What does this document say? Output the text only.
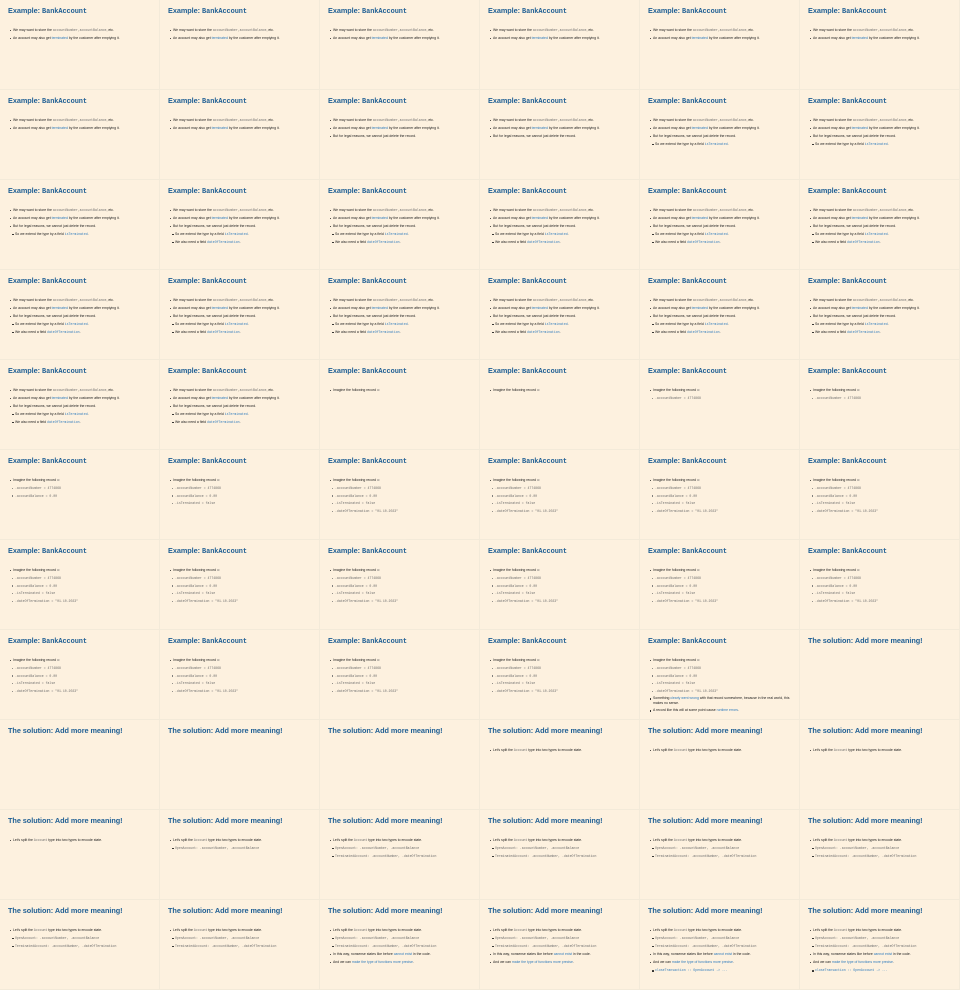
Example: BankAccount
We may want to store the accountNumber, accountBalance, etc.
An account may also get terminated by the customer after emptying it.
Example: BankAccount
We may want to store the accountNumber, accountBalance, etc.
An account may also get terminated by the customer after emptying it.
Example: BankAccount
We may want to store the accountNumber, accountBalance, etc.
An account may also get terminated by the customer after emptying it.
Example: BankAccount
We may want to store the accountNumber, accountBalance, etc.
An account may also get terminated by the customer after emptying it.
Example: BankAccount
We may want to store the accountNumber, accountBalance, etc.
An account may also get terminated by the customer after emptying it.
Example: BankAccount
We may want to store the accountNumber, accountBalance, etc.
An account may also get terminated by the customer after emptying it.
Example: BankAccount
We may want to store the accountNumber, accountBalance, etc.
An account may also get terminated by the customer after emptying it.
Example: BankAccount
We may want to store the accountNumber, accountBalance, etc.
An account may also get terminated by the customer after emptying it.
Example: BankAccount
We may want to store the accountNumber, accountBalance, etc.
An account may also get terminated by the customer after emptying it.
But for legal reasons, we cannot just delete the record.
Example: BankAccount
We may want to store the accountNumber, accountBalance, etc.
An account may also get terminated by the customer after emptying it.
But for legal reasons, we cannot just delete the record.
Example: BankAccount
We may want to store the accountNumber, accountBalance, etc.
An account may also get terminated by the customer after emptying it.
But for legal reasons, we cannot just delete the record.
So we extend the type by a field isTerminated.
Example: BankAccount
We may want to store the accountNumber, accountBalance, etc.
An account may also get terminated by the customer after emptying it.
But for legal reasons, we cannot just delete the record.
So we extend the type by a field isTerminated.
Example: BankAccount
We may want to store the accountNumber, accountBalance, etc.
An account may also get terminated by the customer after emptying it.
But for legal reasons, we cannot just delete the record.
So we extend the type by a field isTerminated.
Example: BankAccount
We may want to store the accountNumber, accountBalance, etc.
An account may also get terminated by the customer after emptying it.
But for legal reasons, we cannot just delete the record.
So we extend the type by a field isTerminated.
We also need a field dateOfTermination.
Example: BankAccount
We may want to store the accountNumber, accountBalance, etc.
An account may also get terminated by the customer after emptying it.
But for legal reasons, we cannot just delete the record.
So we extend the type by a field isTerminated.
We also need a field dateOfTermination.
Example: BankAccount
We may want to store the accountNumber, accountBalance, etc.
An account may also get terminated by the customer after emptying it.
But for legal reasons, we cannot just delete the record.
So we extend the type by a field isTerminated.
We also need a field dateOfTermination.
Example: BankAccount
We may want to store the accountNumber, accountBalance, etc.
An account may also get terminated by the customer after emptying it.
But for legal reasons, we cannot just delete the record.
So we extend the type by a field isTerminated.
We also need a field dateOfTermination.
Example: BankAccount
We may want to store the accountNumber, accountBalance, etc.
An account may also get terminated by the customer after emptying it.
But for legal reasons, we cannot just delete the record.
So we extend the type by a field isTerminated.
We also need a field dateOfTermination.
Example: BankAccount
We may want to store the accountNumber, accountBalance, etc.
An account may also get terminated by the customer after emptying it.
But for legal reasons, we cannot just delete the record.
So we extend the type by a field isTerminated.
We also need a field dateOfTermination.
Example: BankAccount
We may want to store the accountNumber, accountBalance, etc.
An account may also get terminated by the customer after emptying it.
But for legal reasons, we cannot just delete the record.
So we extend the type by a field isTerminated.
We also need a field dateOfTermination.
Example: BankAccount
We may want to store the accountNumber, accountBalance, etc.
An account may also get terminated by the customer after emptying it.
But for legal reasons, we cannot just delete the record.
So we extend the type by a field isTerminated.
We also need a field dateOfTermination.
Example: BankAccount
We may want to store the accountNumber, accountBalance, etc.
An account may also get terminated by the customer after emptying it.
But for legal reasons, we cannot just delete the record.
So we extend the type by a field isTerminated.
We also need a field dateOfTermination.
Example: BankAccount
We may want to store the accountNumber, accountBalance, etc.
An account may also get terminated by the customer after emptying it.
But for legal reasons, we cannot just delete the record.
So we extend the type by a field isTerminated.
We also need a field dateOfTermination.
Example: BankAccount
We may want to store the accountNumber, accountBalance, etc.
An account may also get terminated by the customer after emptying it.
But for legal reasons, we cannot just delete the record.
So we extend the type by a field isTerminated.
We also need a field dateOfTermination.
Example: BankAccount
We may want to store the accountNumber, accountBalance, etc.
An account may also get terminated by the customer after emptying it.
But for legal reasons, we cannot just delete the record.
So we extend the type by a field isTerminated.
We also need a field dateOfTermination.
Example: BankAccount
We may want to store the accountNumber, accountBalance, etc.
An account may also get terminated by the customer after emptying it.
But for legal reasons, we cannot just delete the record.
So we extend the type by a field isTerminated.
We also need a field dateOfTermination.
Example: BankAccount
Imagine the following record a:
Example: BankAccount
Imagine the following record a:
Example: BankAccount
Imagine the following record a:
.accountNumber = 4774868
Example: BankAccount
Imagine the following record a:
.accountNumber = 4774868
Example: BankAccount
Imagine the following record a:
.accountNumber = 4774868
.accountBalance = 0.00
Example: BankAccount
Imagine the following record a:
.accountNumber = 4774868
.accountBalance = 0.00
.isTerminated = false
Example: BankAccount
Imagine the following record a:
.accountNumber = 4774868
.accountBalance = 0.00
.isTerminated = false
.dateOfTermination = "01.10.2023"
Example: BankAccount
Imagine the following record a:
.accountNumber = 4774868
.accountBalance = 0.00
.isTerminated = false
.dateOfTermination = "01.10.2023"
Example: BankAccount
Imagine the following record a:
.accountNumber = 4774868
.accountBalance = 0.00
.isTerminated = false
.dateOfTermination = "01.10.2023"
Example: BankAccount
Imagine the following record a:
.accountNumber = 4774868
.accountBalance = 0.00
.isTerminated = false
.dateOfTermination = "01.10.2023"
Example: BankAccount
Imagine the following record a:
.accountNumber = 4774868
.accountBalance = 0.00
.isTerminated = false
.dateOfTermination = "01.10.2023"
Example: BankAccount
Imagine the following record a:
.accountNumber = 4774868
.accountBalance = 0.00
.isTerminated = false
.dateOfTermination = "01.10.2023"
Example: BankAccount
Imagine the following record a:
.accountNumber = 4774868
.accountBalance = 0.00
.isTerminated = false
.dateOfTermination = "01.10.2023"
Example: BankAccount
Imagine the following record a:
.accountNumber = 4774868
.accountBalance = 0.00
.isTerminated = false
.dateOfTermination = "01.10.2023"
Example: BankAccount
Imagine the following record a:
.accountNumber = 4774868
.accountBalance = 0.00
.isTerminated = false
.dateOfTermination = "01.10.2023"
Example: BankAccount
Imagine the following record a:
.accountNumber = 4774868
.accountBalance = 0.00
.isTerminated = false
.dateOfTermination = "01.10.2023"
Example: BankAccount
Imagine the following record a:
.accountNumber = 4774868
.accountBalance = 0.00
.isTerminated = false
.dateOfTermination = "01.10.2023"
Example: BankAccount
Imagine the following record a:
.accountNumber = 4774868
.accountBalance = 0.00
.isTerminated = false
.dateOfTermination = "01.10.2023"
Example: BankAccount
Imagine the following record a:
.accountNumber = 4774868
.accountBalance = 0.00
.isTerminated = false
.dateOfTermination = "01.10.2023"
Example: BankAccount
Imagine the following record a:
.accountNumber = 4774868
.accountBalance = 0.00
.isTerminated = false
.dateOfTermination = "01.10.2023"
Example: BankAccount
Imagine the following record a:
.accountNumber = 4774868
.accountBalance = 0.00
.isTerminated = false
.dateOfTermination = "01.10.2023"
Something clearly went wrong with that record somewhere, because in the real world, this makes no sense.
A record like this will at some point cause runtime errors.
The solution: Add more meaning!
The solution: Add more meaning!	The solution: Add more meaning!	The solution: Add more meaning!	The solution: Add more meaning!
Let's split the Account type into two types to encode state.
The solution: Add more meaning!
Let's split the Account type into two types to encode state.
The solution: Add more meaning!
Let's split the Account type into two types to encode state.
The solution: Add more meaning!
Let's split the Account type into two types to encode state.
The solution: Add more meaning!
Let's split the Account type into two types to encode state.
OpenAccount: .accountNumber, .accountBalance
The solution: Add more meaning!
Let's split the Account type into two types to encode state.
OpenAccount: .accountNumber, .accountBalance
TerminatedAccount: .accountNumber, .dateOfTermination
The solution: Add more meaning!
Let's split the Account type into two types to encode state.
OpenAccount: .accountNumber, .accountBalance
TerminatedAccount: .accountNumber, .dateOfTermination
The solution: Add more meaning!
Let's split the Account type into two types to encode state.
OpenAccount: .accountNumber, .accountBalance
TerminatedAccount: .accountNumber, .dateOfTermination
The solution: Add more meaning!
Let's split the Account type into two types to encode state.
OpenAccount: .accountNumber, .accountBalance
TerminatedAccount: .accountNumber, .dateOfTermination
The solution: Add more meaning!
Let's split the Account type into two types to encode state.
OpenAccount: .accountNumber, .accountBalance
TerminatedAccount: .accountNumber, .dateOfTermination
The solution: Add more meaning!
Let's split the Account type into two types to encode state.
OpenAccount: .accountNumber, .accountBalance
TerminatedAccount: .accountNumber, .dateOfTermination
The solution: Add more meaning!
Let's split the Account type into two types to encode state.
OpenAccount: .accountNumber, .accountBalance
TerminatedAccount: .accountNumber, .dateOfTermination
In this way, nonsense states like before cannot exist in the code.
And we can make the type of functions more precise.
The solution: Add more meaning!
Let's split the Account type into two types to encode state.
OpenAccount: .accountNumber, .accountBalance
TerminatedAccount: .accountNumber, .dateOfTermination
In this way, nonsense states like before cannot exist in the code.
And we can make the type of functions more precise.
The solution: Add more meaning!
Let's split the Account type into two types to encode state.
OpenAccount: .accountNumber, .accountBalance
TerminatedAccount: .accountNumber, .dateOfTermination
In this way, nonsense states like before cannot exist in the code.
And we can make the type of functions more precise.
closeTransaction :: OpenAccount -> ...
The solution: Add more meaning!
Let's split the Account type into two types to encode state.
OpenAccount: .accountNumber, .accountBalance
TerminatedAccount: .accountNumber, .dateOfTermination
In this way, nonsense states like before cannot exist in the code.
And we can make the type of functions more precise.
closeTransaction :: OpenAccount -> ...
